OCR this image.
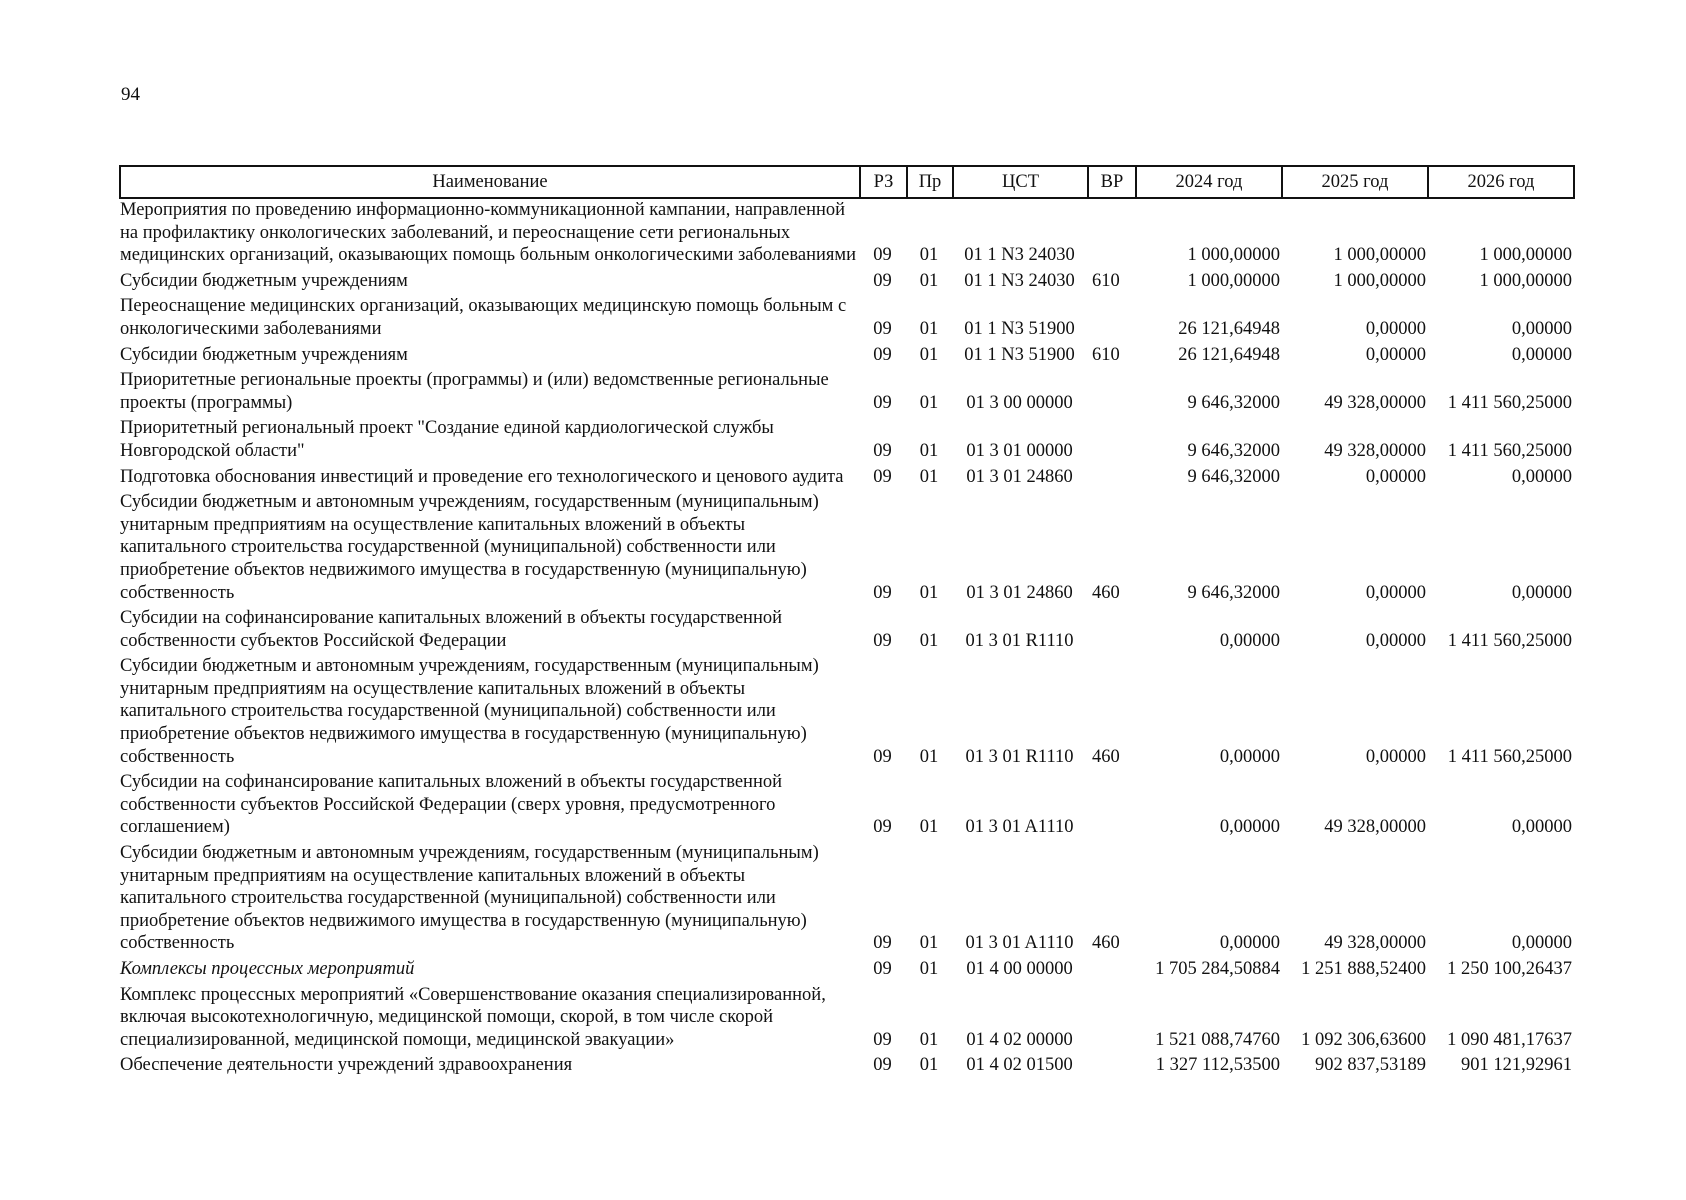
94
Наименование	РЗ	Пр	ЦСТ	ВР	2024 год	2025 год	2026 год
Мероприятия по проведению информационно-коммуникационной кампании, направленной на профилактику онкологических заболеваний, и переоснащение сети региональных медицинских организаций, оказывающих помощь больным онкологическими заболеваниями	09	01	01 1 N3 24030		1 000,00000	1 000,00000	1 000,00000
Субсидии бюджетным учреждениям	09	01	01 1 N3 24030	610	1 000,00000	1 000,00000	1 000,00000
Переоснащение медицинских организаций, оказывающих медицинскую помощь больным с онкологическими заболеваниями	09	01	01 1 N3 51900		26 121,64948	0,00000	0,00000
Субсидии бюджетным учреждениям	09	01	01 1 N3 51900	610	26 121,64948	0,00000	0,00000
Приоритетные региональные проекты (программы) и (или) ведомственные региональные проекты (программы)	09	01	01 3 00 00000		9 646,32000	49 328,00000	1 411 560,25000
Приоритетный региональный проект "Создание единой кардиологической службы Новгородской области"	09	01	01 3 01 00000		9 646,32000	49 328,00000	1 411 560,25000
Подготовка обоснования инвестиций и проведение его технологического и ценового аудита	09	01	01 3 01 24860		9 646,32000	0,00000	0,00000
Субсидии бюджетным и автономным учреждениям, государственным (муниципальным) унитарным предприятиям на осуществление капитальных вложений в объекты капитального строительства государственной (муниципальной) собственности или приобретение объектов недвижимого имущества в государственную (муниципальную) собственность	09	01	01 3 01 24860	460	9 646,32000	0,00000	0,00000
Субсидии на софинансирование капитальных вложений в объекты государственной собственности субъектов Российской Федерации	09	01	01 3 01 R1110		0,00000	0,00000	1 411 560,25000
Субсидии бюджетным и автономным учреждениям, государственным (муниципальным) унитарным предприятиям на осуществление капитальных вложений в объекты капитального строительства государственной (муниципальной) собственности или приобретение объектов недвижимого имущества в государственную (муниципальную) собственность	09	01	01 3 01 R1110	460	0,00000	0,00000	1 411 560,25000
Субсидии на софинансирование капитальных вложений в объекты государственной собственности субъектов Российской Федерации (сверх уровня, предусмотренного соглашением)	09	01	01 3 01 A1110		0,00000	49 328,00000	0,00000
Субсидии бюджетным и автономным учреждениям, государственным (муниципальным) унитарным предприятиям на осуществление капитальных вложений в объекты капитального строительства государственной (муниципальной) собственности или приобретение объектов недвижимого имущества в государственную (муниципальную) собственность	09	01	01 3 01 A1110	460	0,00000	49 328,00000	0,00000
Комплексы процессных мероприятий	09	01	01 4 00 00000		1 705 284,50884	1 251 888,52400	1 250 100,26437
Комплекс процессных мероприятий «Совершенствование оказания специализированной, включая высокотехнологичную, медицинской помощи, скорой, в том числе скорой специализированной, медицинской помощи, медицинской эвакуации»	09	01	01 4 02 00000		1 521 088,74760	1 092 306,63600	1 090 481,17637
Обеспечение деятельности учреждений здравоохранения	09	01	01 4 02 01500		1 327 112,53500	902 837,53189	901 121,92961
